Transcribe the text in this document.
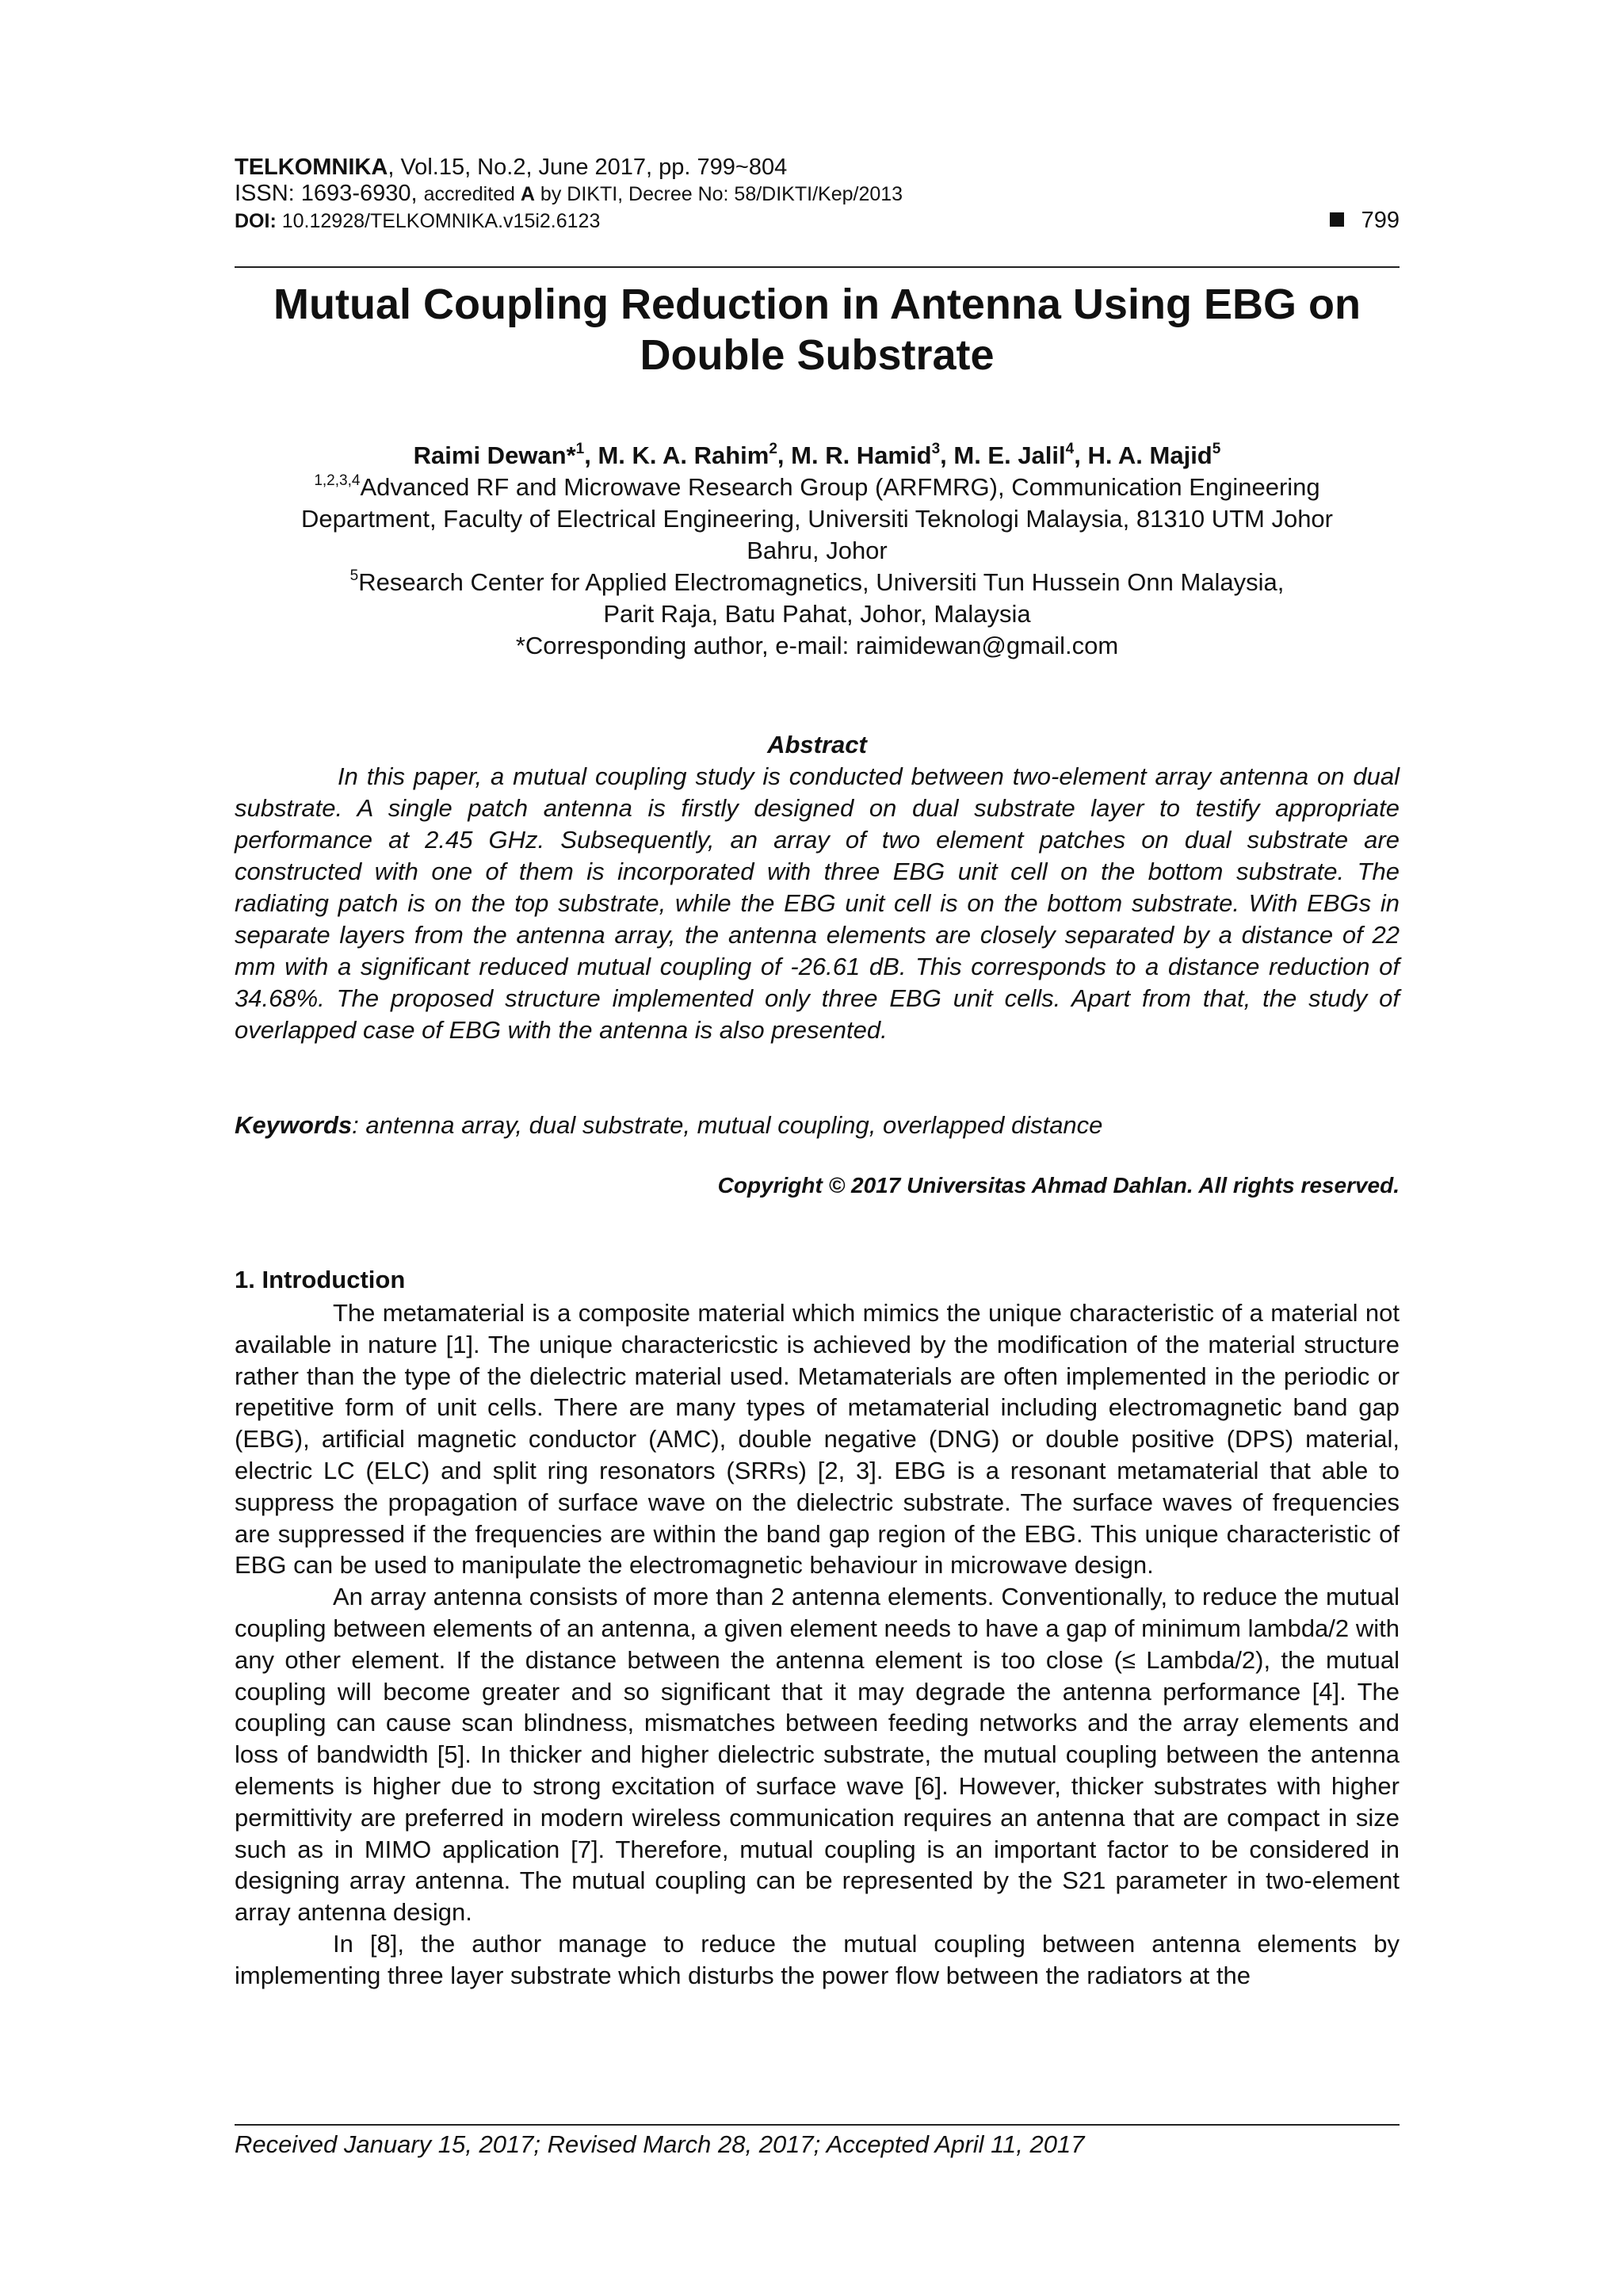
TELKOMNIKA, Vol.15, No.2, June 2017, pp. 799~804
ISSN: 1693-6930, accredited A by DIKTI, Decree No: 58/DIKTI/Kep/2013
DOI: 10.12928/TELKOMNIKA.v15i2.6123	799
Mutual Coupling Reduction in Antenna Using EBG on
Double Substrate
Raimi Dewan*$^1$, M. K. A. Rahim$^2$, M. R. Hamid$^3$, M. E. Jalil$^4$, H. A. Majid$^5$
$^{1,2,3,4}$Advanced RF and Microwave Research Group (ARFMRG), Communication Engineering
Department, Faculty of Electrical Engineering, Universiti Teknologi Malaysia, 81310 UTM Johor
Bahru, Johor
$^5$Research Center for Applied Electromagnetics, Universiti Tun Hussein Onn Malaysia,
Parit Raja, Batu Pahat, Johor, Malaysia
*Corresponding author, e-mail: raimidewan@gmail.com
Abstract
In this paper, a mutual coupling study is conducted between two-element array antenna on dual substrate. A single patch antenna is firstly designed on dual substrate layer to testify appropriate performance at 2.45 GHz. Subsequently, an array of two element patches on dual substrate are constructed with one of them is incorporated with three EBG unit cell on the bottom substrate. The radiating patch is on the top substrate, while the EBG unit cell is on the bottom substrate. With EBGs in separate layers from the antenna array, the antenna elements are closely separated by a distance of 22 mm with a significant reduced mutual coupling of -26.61 dB. This corresponds to a distance reduction of 34.68%. The proposed structure implemented only three EBG unit cells. Apart from that, the study of overlapped case of EBG with the antenna is also presented.
Keywords: antenna array, dual substrate, mutual coupling, overlapped distance
Copyright © 2017 Universitas Ahmad Dahlan. All rights reserved.
1. Introduction

The metamaterial is a composite material which mimics the unique characteristic of a material not available in nature [1]. The unique charactericstic is achieved by the modification of the material structure rather than the type of the dielectric material used. Metamaterials are often implemented in the periodic or repetitive form of unit cells. There are many types of metamaterial including electromagnetic band gap (EBG), artificial magnetic conductor (AMC), double negative (DNG) or double positive (DPS) material, electric LC (ELC) and split ring resonators (SRRs) [2, 3]. EBG is a resonant metamaterial that able to suppress the propagation of surface wave on the dielectric substrate. The surface waves of frequencies are suppressed if the frequencies are within the band gap region of the EBG. This unique characteristic of EBG can be used to manipulate the electromagnetic behaviour in microwave design.

An array antenna consists of more than 2 antenna elements. Conventionally, to reduce the mutual coupling between elements of an antenna, a given element needs to have a gap of minimum lambda/2 with any other element. If the distance between the antenna element is too close (≤ Lambda/2), the mutual coupling will become greater and so significant that it may degrade the antenna performance [4]. The coupling can cause scan blindness, mismatches between feeding networks and the array elements and loss of bandwidth [5]. In thicker and higher dielectric substrate, the mutual coupling between the antenna elements is higher due to strong excitation of surface wave [6]. However, thicker substrates with higher permittivity are preferred in modern wireless communication requires an antenna that are compact in size such as in MIMO application [7]. Therefore, mutual coupling is an important factor to be considered in designing array antenna. The mutual coupling can be represented by the S21 parameter in two-element array antenna design.

In [8], the author manage to reduce the mutual coupling between antenna elements by implementing three layer substrate which disturbs the power flow between the radiators at the

Received January 15, 2017; Revised March 28, 2017; Accepted April 11, 2017
